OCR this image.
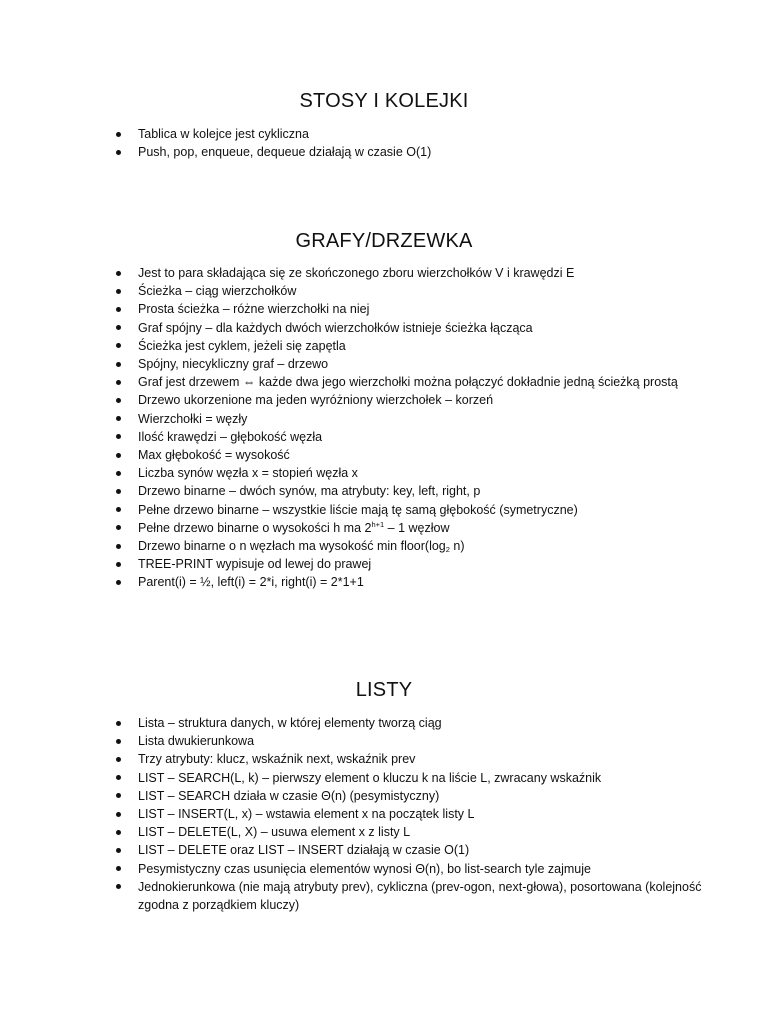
STOSY I KOLEJKI
Tablica w kolejce jest cykliczna
Push, pop, enqueue, dequeue działają w czasie O(1)
GRAFY/DRZEWKA
Jest to para składająca się ze skończonego zboru wierzchołków V i krawędzi E
Ścieżka – ciąg wierzchołków
Prosta ścieżka – różne wierzchołki na niej
Graf spójny – dla każdych dwóch wierzchołków istnieje ścieżka łącząca
Ścieżka jest cyklem, jeżeli się zapętla
Spójny, niecykliczny graf – drzewo
Graf jest drzewem ⇔ każde dwa jego wierzchołki można połączyć dokładnie jedną ścieżką prostą
Drzewo ukorzenione ma jeden wyróżniony wierzchołek – korzeń
Wierzchołki = węzły
Ilość krawędzi – głębokość węzła
Max głębokość = wysokość
Liczba synów węzła x = stopień węzła x
Drzewo binarne – dwóch synów, ma atrybuty: key, left, right, p
Pełne drzewo binarne – wszystkie liście mają tę samą głębokość (symetryczne)
Pełne drzewo binarne o wysokości h ma $2^{h+1} - 1$ węzłow
Drzewo binarne o n węzłach ma wysokość $\min floor(\log_2$ n)
TREE-PRINT wypisuje od lewej do prawej
Parent(i) = ½, left(i) = 2*i, right(i) = 2*1+1
LISTY
Lista – struktura danych, w której elementy tworzą ciąg
Lista dwukierunkowa
Trzy atrybuty: klucz, wskaźnik next, wskaźnik prev
LIST – SEARCH(L, k) – pierwszy element o kluczu k na liście L, zwracany wskaźnik
LIST – SEARCH działa w czasie Θ(n) (pesymistyczny)
LIST – INSERT(L, x) – wstawia element x na początek listy L
LIST – DELETE(L, X) – usuwa element x z listy L
LIST – DELETE oraz LIST – INSERT działają w czasie O(1)
Pesymistyczny czas usunięcia elementów wynosi Θ(n), bo list-search tyle zajmuje
Jednokierunkowa (nie mają atrybuty prev), cykliczna (prev-ogon, next-głowa), posortowana (kolejność zgodna z porządkiem kluczy)
